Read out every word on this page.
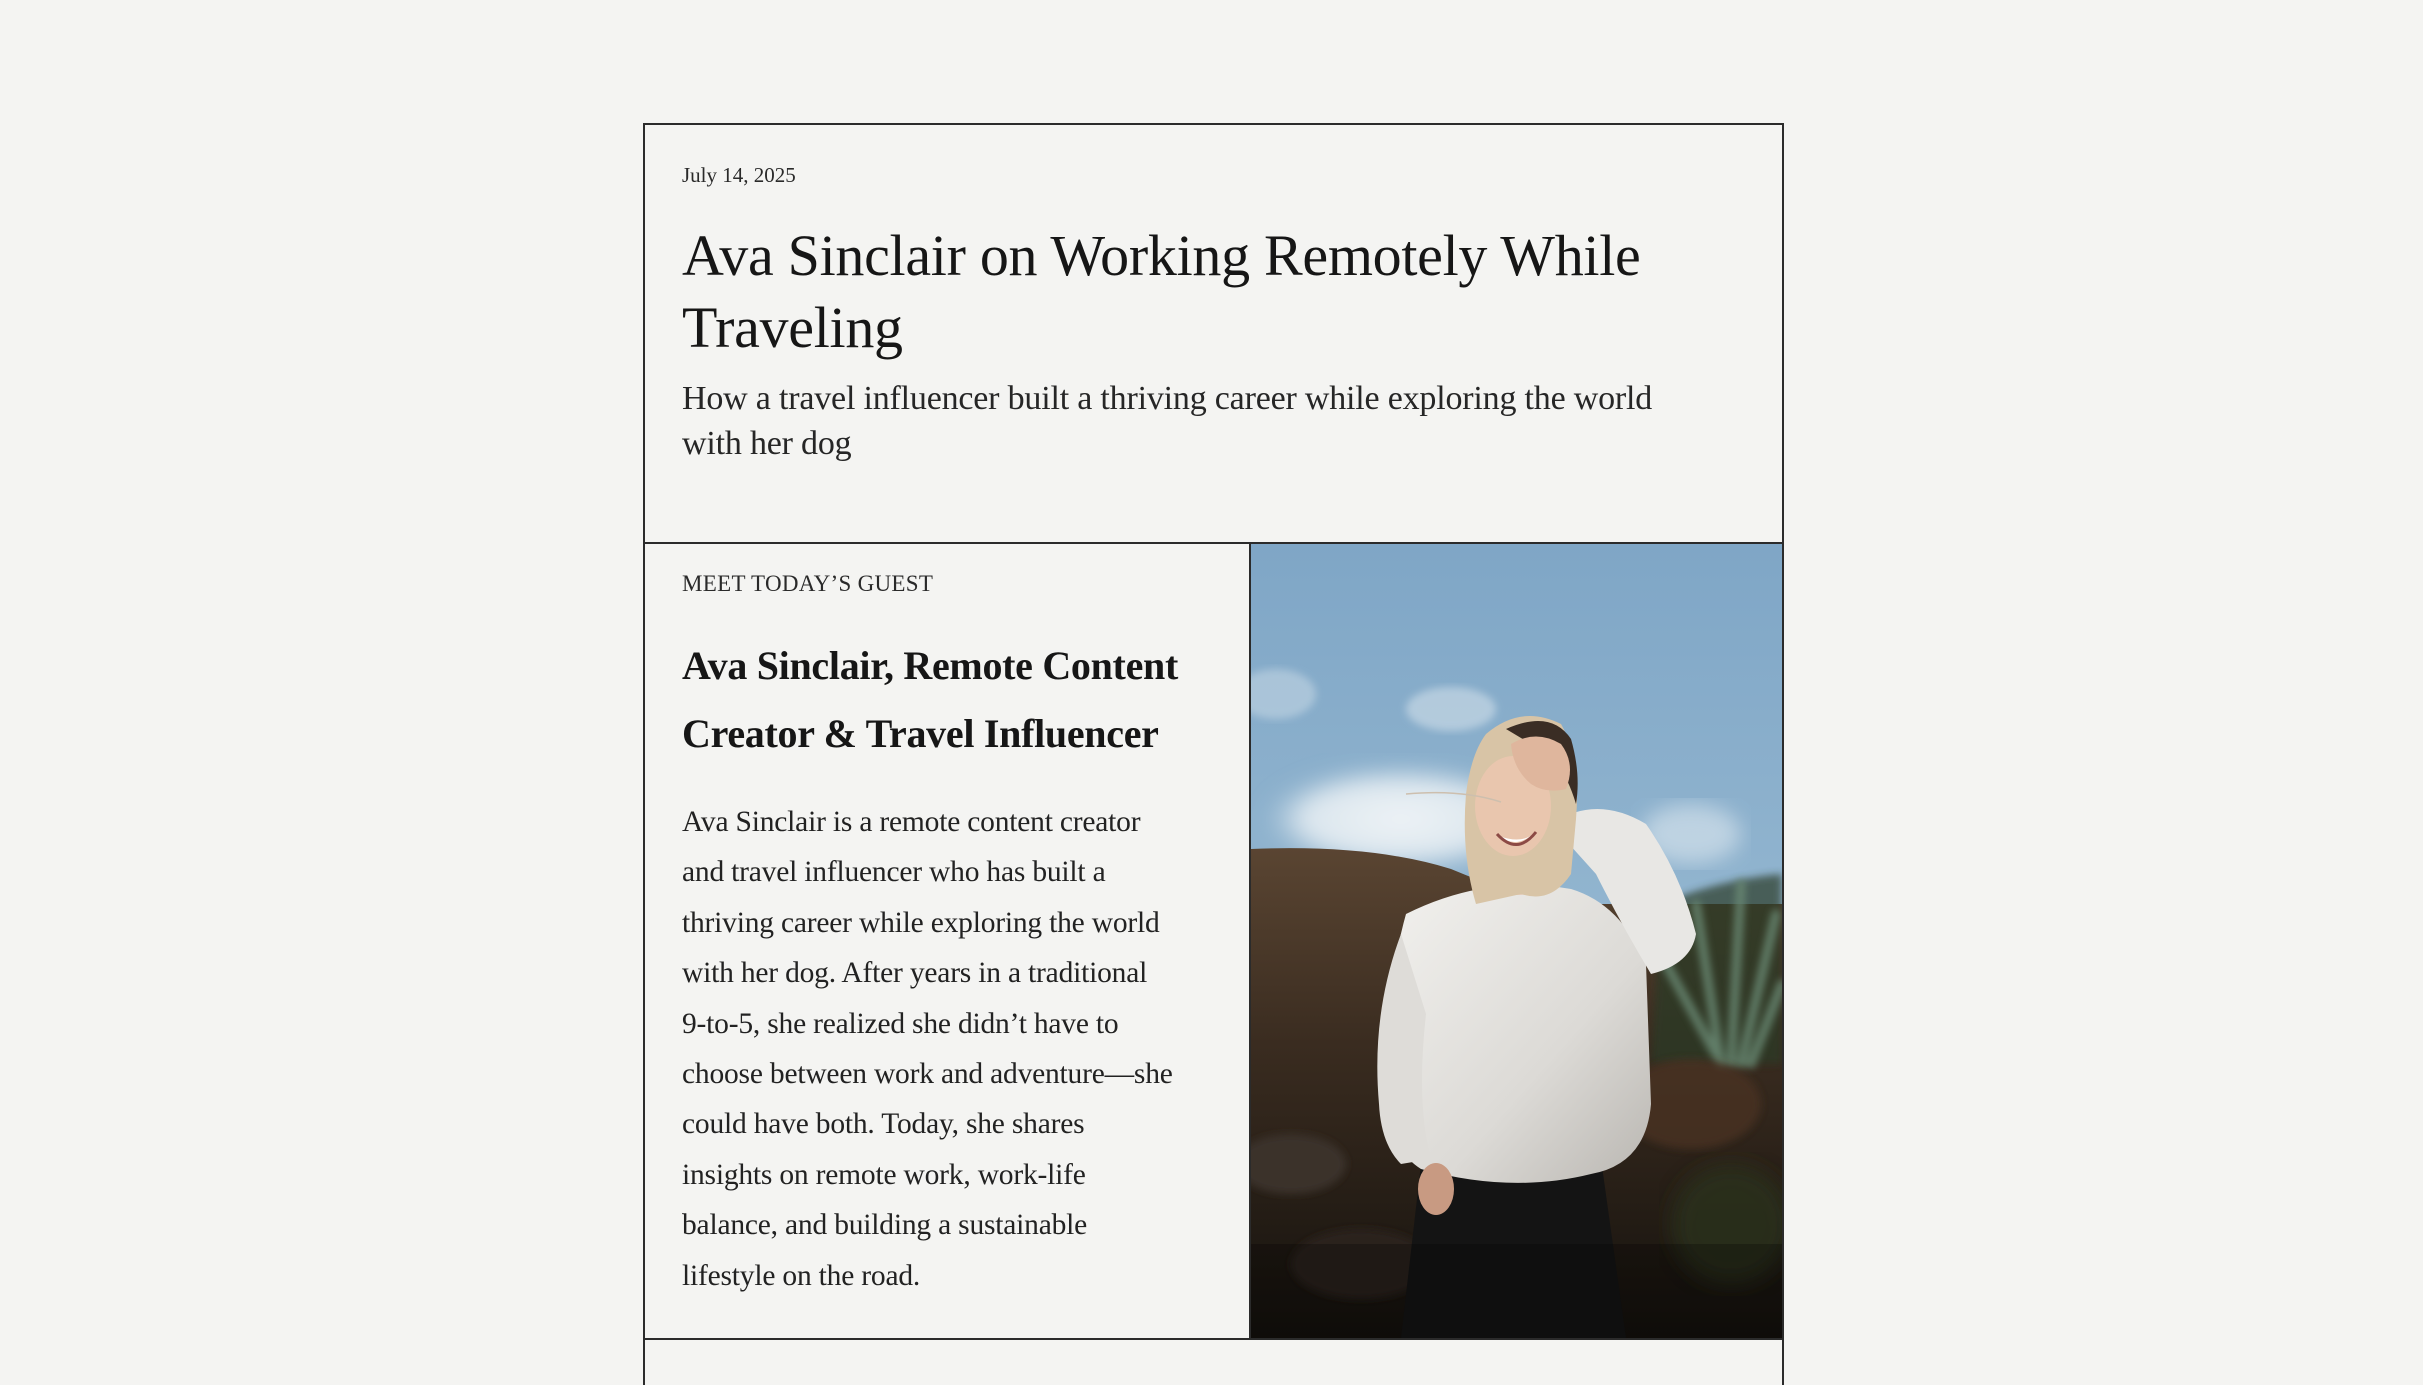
July 14, 2025
Ava Sinclair on Working Remotely While
Traveling

How a travel influencer built a thriving career while exploring the world
with her dog

MEET TODAY’S GUEST
Ava Sinclair, Remote Content
Creator & Travel Influencer

Ava Sinclair is a remote content creator
and travel influencer who has built a
thriving career while exploring the world
with her dog. After years in a traditional
9-to-5, she realized she didn’t have to
choose between work and adventure—she
could have both. Today, she shares
insights on remote work, work-life
balance, and building a sustainable
lifestyle on the road.
